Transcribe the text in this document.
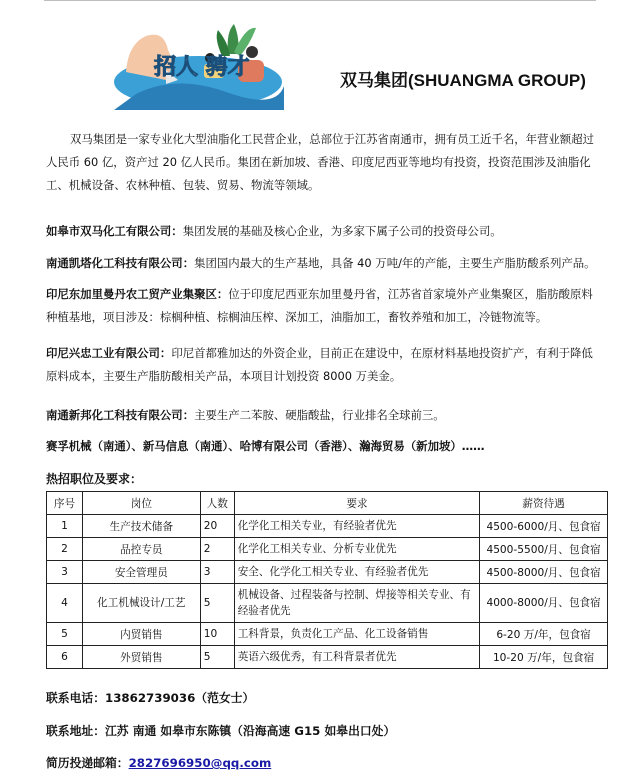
招人 骋才
双马集团(SHUANGMA GROUP)

双马集团是一家专业化大型油脂化工民营企业，总部位于江苏省南通市，拥有员工近千名，年营业额超过人民币 60 亿，资产过 20 亿人民币。集团在新加坡、香港、印度尼西亚等地均有投资，投资范围涉及油脂化工、机械设备、农林种植、包装、贸易、物流等领域。

如皋市双马化工有限公司：集团发展的基础及核心企业，为多家下属子公司的投资母公司。

南通凯塔化工科技有限公司：集团国内最大的生产基地，具备 40 万吨/年的产能，主要生产脂肪酸系列产品。

印尼东加里曼丹农工贸产业集聚区：位于印度尼西亚东加里曼丹省，江苏省首家境外产业集聚区，脂肪酸原料种植基地，项目涉及：棕榈种植、棕榈油压榨、深加工，油脂加工，畜牧养殖和加工，冷链物流等。

印尼兴忠工业有限公司：印尼首都雅加达的外资企业，目前正在建设中，在原材料基地投资扩产，有利于降低原料成本，主要生产脂肪酸相关产品，本项目计划投资 8000 万美金。

南通新邦化工科技有限公司：主要生产二苯胺、硬脂酸盐，行业排名全球前三。

赛孚机械（南通）、新马信息（南通）、哈博有限公司（香港）、瀚海贸易（新加坡）……

热招职位及要求：
序号	岗位	人数	要求	薪资待遇
1	生产技术储备	20	化学化工相关专业，有经验者优先	4500-6000/月、包食宿
2	品控专员	2	化学化工相关专业、分析专业优先	4500-5500/月、包食宿
3	安全管理员	3	安全、化学化工相关专业、有经验者优先	4500-8000/月、包食宿
4	化工机械设计/工艺	5	机械设备、过程装备与控制、焊接等相关专业、有经验者优先	4000-8000/月、包食宿
5	内贸销售	10	工科背景，负责化工产品、化工设备销售	6-20 万/年，包食宿
6	外贸销售	5	英语六级优秀，有工科背景者优先	10-20 万/年，包食宿
联系电话：13862739036（范女士）
联系地址：江苏 南通 如皋市东陈镇（沿海高速 G15 如皋出口处）
简历投递邮箱：2827696950@qq.com
